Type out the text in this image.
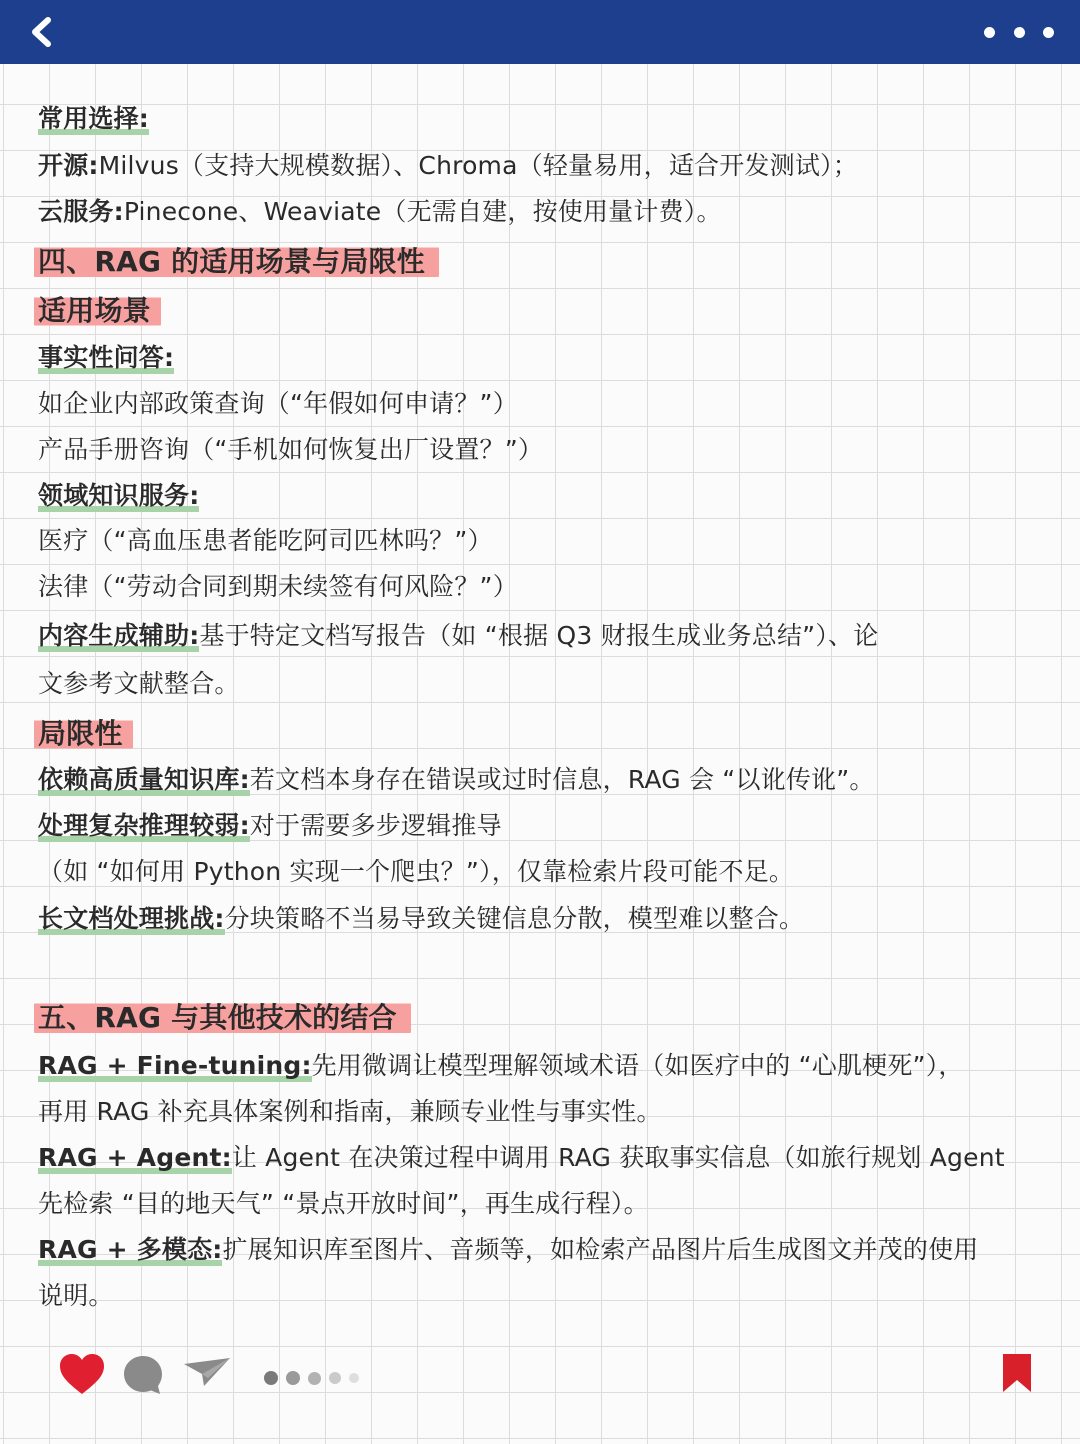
常用选择:
开源:Milvus（支持大规模数据）、Chroma（轻量易用，适合开发测试）；
云服务:Pinecone、Weaviate（无需自建，按使用量计费）。
四、RAG 的适用场景与局限性
适用场景
事实性问答:
如企业内部政策查询（“年假如何申请？”）
产品手册咨询（“手机如何恢复出厂设置？”）
领域知识服务:
医疗（“高血压患者能吃阿司匹林吗？”）
法律（“劳动合同到期未续签有何风险？”）
内容生成辅助:基于特定文档写报告（如 “根据 Q3 财报生成业务总结”）、论
文参考文献整合。
局限性
依赖高质量知识库:若文档本身存在错误或过时信息，RAG 会 “以讹传讹”。
处理复杂推理较弱:对于需要多步逻辑推导
（如 “如何用 Python 实现一个爬虫？”），仅靠检索片段可能不足。
长文档处理挑战:分块策略不当易导致关键信息分散，模型难以整合。
五、RAG 与其他技术的结合
RAG + Fine-tuning:先用微调让模型理解领域术语（如医疗中的 “心肌梗死”），
再用 RAG 补充具体案例和指南，兼顾专业性与事实性。
RAG + Agent:让 Agent 在决策过程中调用 RAG 获取事实信息（如旅行规划 Agent
先检索 “目的地天气” “景点开放时间”，再生成行程）。
RAG + 多模态:扩展知识库至图片、音频等，如检索产品图片后生成图文并茂的使用
说明。
